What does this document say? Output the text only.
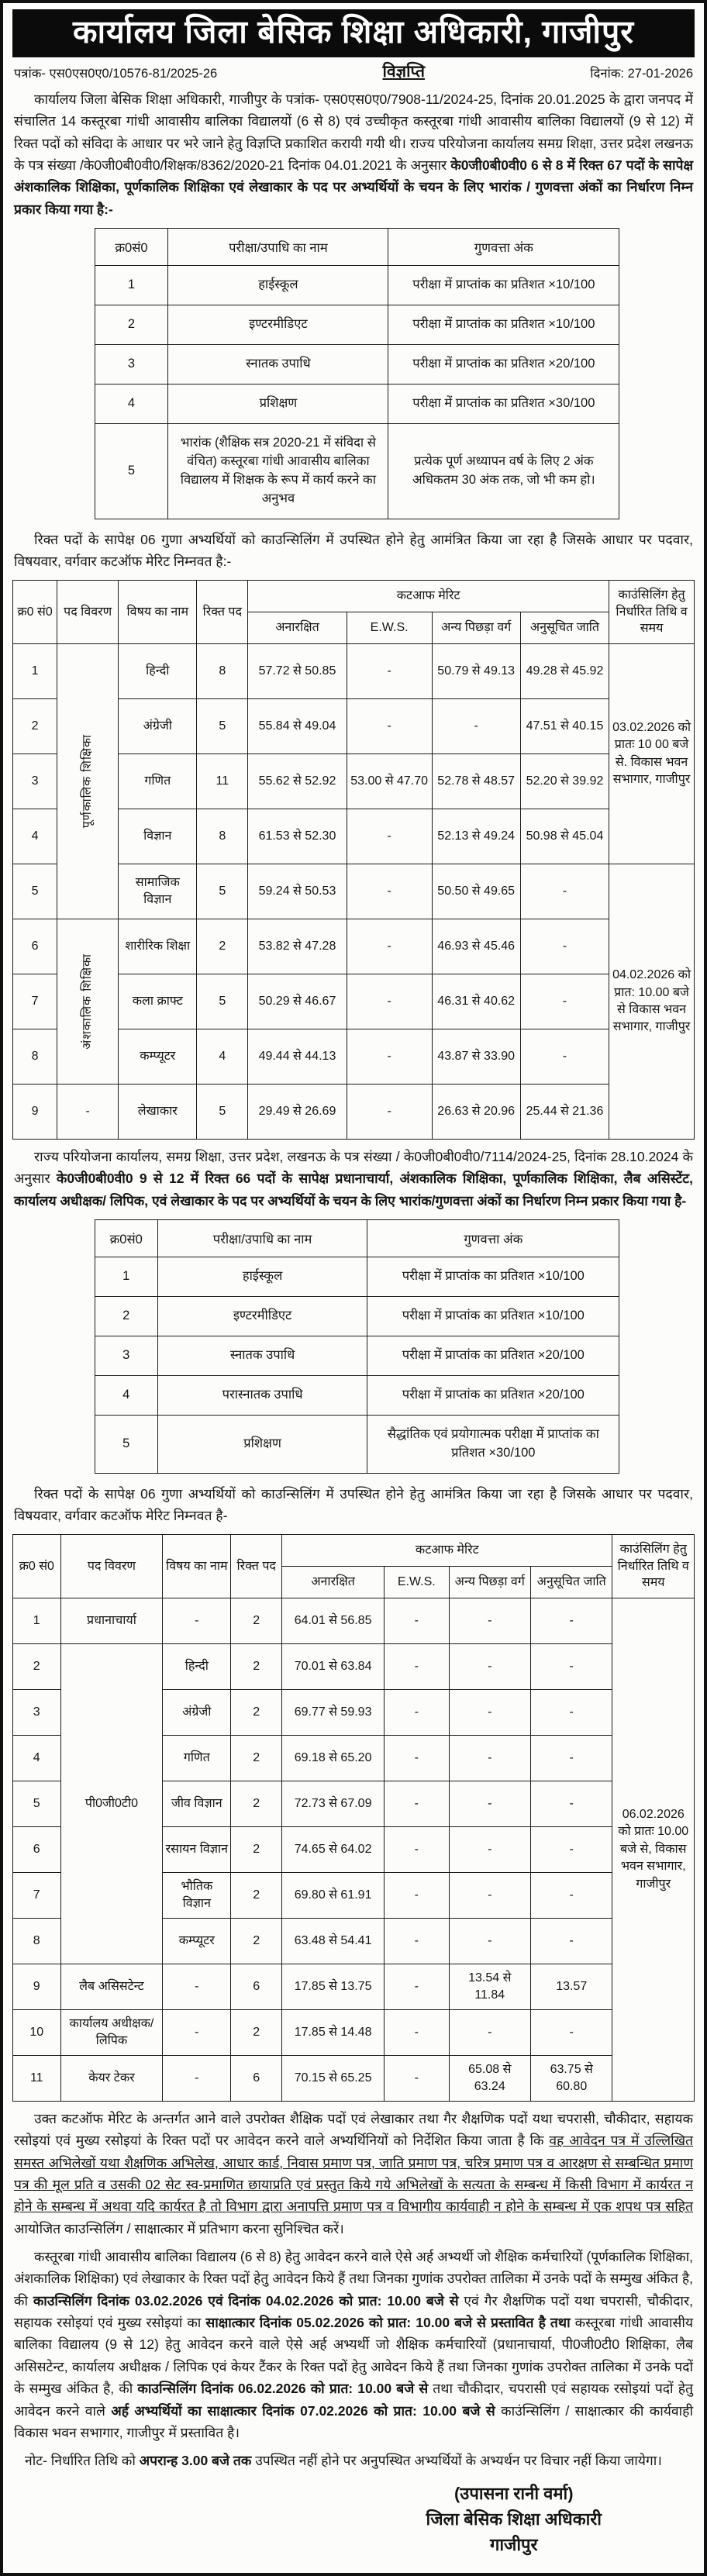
कार्यालय जिला बेसिक शिक्षा अधिकारी, गाजीपुर
पत्रांक- एस0एस0ए0/10576-81/2025-26	विज्ञप्ति	दिनांक: 27-01-2026

कार्यालय जिला बेसिक शिक्षा अधिकारी, गाजीपुर के पत्रांक- एस0एस0ए0/7908-11/2024-25, दिनांक 20.01.2025 के द्वारा जनपद में संचालित 14 कस्तूरबा गांधी आवासीय बालिका विद्यालयों (6 से 8) एवं उच्चीकृत कस्तूरबा गांधी आवासीय बालिका विद्यालयों (9 से 12) में रिक्त पदों को संविदा के आधार पर भरे जाने हेतु विज्ञप्ति प्रकाशित करायी गयी थी। राज्य परियोजना कार्यालय समग्र शिक्षा, उत्तर प्रदेश लखनऊ के पत्र संख्या /के0जी0बी0वी0/शिक्षक/8362/2020-21 दिनांक 04.01.2021 के अनुसार के0जी0बी0वी0 6 से 8 में रिक्त 67 पदों के सापेक्ष अंशकालिक शिक्षिका, पूर्णकालिक शिक्षिका एवं लेखाकार के पद पर अभ्यर्थियों के चयन के लिए भारांक / गुणवत्ता अंकों का निर्धारण निम्न प्रकार किया गया है:-

क्र0सं0	परीक्षा/उपाधि का नाम	गुणवत्ता अंक
1	हाईस्कूल	परीक्षा में प्राप्तांक का प्रतिशत ×10/100
2	इण्टरमीडिएट	परीक्षा में प्राप्तांक का प्रतिशत ×10/100
3	स्नातक उपाधि	परीक्षा में प्राप्तांक का प्रतिशत ×20/100
4	प्रशिक्षण	परीक्षा में प्राप्तांक का प्रतिशत ×30/100
5	भारांक (शैक्षिक सत्र 2020-21 में संविदा से वंचित) कस्तूरबा गांधी आवासीय बालिका विद्यालय में शिक्षक के रूप में कार्य करने का अनुभव	प्रत्येक पूर्ण अध्यापन वर्ष के लिए 2 अंक अधिकतम 30 अंक तक, जो भी कम हो।

रिक्त पदों के सापेक्ष 06 गुणा अभ्यर्थियों को काउन्सिलिंग में उपस्थित होने हेतु आमंत्रित किया जा रहा है जिसके आधार पर पदवार, विषयवार, वर्गवार कटऑफ मेरिट निम्नवत है:-

क्र0 सं0	पद विवरण	विषय का नाम	रिक्त पद	कटआफ मेरिट				काउंसिलिंग हेतु निर्धारित तिथि व समय
				अनारक्षित	E.W.S.	अन्य पिछड़ा वर्ग	अनुसूचित जाति	
1	पूर्णकालिक शिक्षिका	हिन्दी	8	57.72 से 50.85	-	50.79 से 49.13	49.28 से 45.92	03.02.2026 को प्रातः 10 00 बजे से. विकास भवन सभागार, गाजीपुर
2		अंग्रेजी	5	55.84 से 49.04	-	-	47.51 से 40.15	
3		गणित	11	55.62 से 52.92	53.00 से 47.70	52.78 से 48.57	52.20 से 39.92	
4		विज्ञान	8	61.53 से 52.30	-	52.13 से 49.24	50.98 से 45.04	
5		सामाजिक विज्ञान	5	59.24 से 50.53	-	50.50 से 49.65	-	04.02.2026 को प्रात: 10.00 बजे से विकास भवन सभागार, गाजीपुर
6	अंशकालिक शिक्षिका	शारीरिक शिक्षा	2	53.82 से 47.28	-	46.93 से 45.46	-	
7		कला क्राफ्ट	5	50.29 से 46.67	-	46.31 से 40.62	-	
8		कम्प्यूटर	4	49.44 से 44.13	-	43.87 से 33.90	-	
9	-	लेखाकार	5	29.49 से 26.69	-	26.63 से 20.96	25.44 से 21.36	

राज्य परियोजना कार्यालय, समग्र शिक्षा, उत्तर प्रदेश, लखनऊ के पत्र संख्या / के0जी0बी0वी0/7114/2024-25, दिनांक 28.10.2024 के अनुसार के0जी0बी0वी0 9 से 12 में रिक्त 66 पदों के सापेक्ष प्रधानाचार्या, अंशकालिक शिक्षिका, पूर्णकालिक शिक्षिका, लैब असिस्टेंट, कार्यालय अधीक्षक/ लिपिक, एवं लेखाकार के पद पर अभ्यर्थियों के चयन के लिए भारांक/गुणवत्ता अंकों का निर्धारण निम्न प्रकार किया गया है-

क्र0सं0	परीक्षा/उपाधि का नाम	गुणवत्ता अंक
1	हाईस्कूल	परीक्षा में प्राप्तांक का प्रतिशत ×10/100
2	इण्टरमीडिएट	परीक्षा में प्राप्तांक का प्रतिशत ×10/100
3	स्नातक उपाधि	परीक्षा में प्राप्तांक का प्रतिशत ×20/100
4	परास्नातक उपाधि	परीक्षा में प्राप्तांक का प्रतिशत ×20/100
5	प्रशिक्षण	सैद्धांतिक एवं प्रयोगात्मक परीक्षा में प्राप्तांक का प्रतिशत ×30/100

रिक्त पदों के सापेक्ष 06 गुणा अभ्यर्थियों को काउन्सिलिंग में उपस्थित होने हेतु आमंत्रित किया जा रहा है जिसके आधार पर पदवार, विषयवार, वर्गवार कटऑफ मेरिट निम्नवत है-

क्र0 सं0	पद विवरण	विषय का नाम	रिक्त पद	कटआफ मेरिट				काउंसिलिंग हेतु निर्धारित तिथि व समय
				अनारक्षित	E.W.S.	अन्य पिछड़ा वर्ग	अनुसूचित जाति	
1	प्रधानाचार्या	-	2	64.01 से 56.85	-	-	-	06.02.2026 को प्रातः 10.00 बजे से, विकास भवन सभागार, गाजीपुर
2	पी0जी0टी0	हिन्दी	2	70.01 से 63.84	-	-	-	
3		अंग्रेजी	2	69.77 से 59.93	-	-	-	
4		गणित	2	69.18 से 65.20	-	-	-	
5		जीव विज्ञान	2	72.73 से 67.09	-	-	-	
6		रसायन विज्ञान	2	74.65 से 64.02	-	-	-	
7		भौतिक विज्ञान	2	69.80 से 61.91	-	-	-	
8		कम्प्यूटर	2	63.48 से 54.41	-	-	-	
9	लैब असिसटेन्ट	-	6	17.85 से 13.75	-	13.54 से 11.84	13.57	
10	कार्यालय अधीक्षक/ लिपिक	-	2	17.85 से 14.48	-	-	-	
11	केयर टेकर	-	6	70.15 से 65.25	-	65.08 से 63.24	63.75 से 60.80	

उक्त कटऑफ मेरिट के अन्तर्गत आने वाले उपरोक्त शैक्षिक पदों एवं लेखाकार तथा गैर शैक्षणिक पदों यथा चपरासी, चौकीदार, सहायक रसोइयां एवं मुख्य रसोइयां के रिक्त पदों पर आवेदन करने वाले अभ्यर्थिनियों को निर्देशित किया जाता है कि वह आवेदन पत्र में उल्लिखित समस्त अभिलेखों यथा शैक्षणिक अभिलेख, आधार कार्ड, निवास प्रमाण पत्र, जाति प्रमाण पत्र, चरित्र प्रमाण पत्र व आरक्षण से सम्बन्धित प्रमाण पत्र की मूल प्रति व उसकी 02 सेट स्व-प्रमाणित छायाप्रति एवं प्रस्तुत किये गये अभिलेखों के सत्यता के सम्बन्ध में किसी विभाग में कार्यरत न होने के सम्बन्ध में अथवा यदि कार्यरत है तो विभाग द्वारा अनापत्ति प्रमाण पत्र व विभागीय कार्यवाही न होने के सम्बन्ध में एक शपथ पत्र सहित आयोजित काउन्सिलिंग / साक्षात्कार में प्रतिभाग करना सुनिश्चित करें।

कस्तूरबा गांधी आवासीय बालिका विद्यालय (6 से 8) हेतु आवेदन करने वाले ऐसे अर्ह अभ्यर्थी जो शैक्षिक कर्मचारियों (पूर्णकालिक शिक्षिका, अंशकालिक शिक्षिका) एवं लेखाकार के रिक्त पदों हेतु आवेदन किये हैं तथा जिनका गुणांक उपरोक्त तालिका में उनके पदों के सम्मुख अंकित है, की काउन्सिलिंग दिनांक 03.02.2026 एवं दिनांक 04.02.2026 को प्रात: 10.00 बजे से एवं गैर शैक्षणिक पदों यथा चपरासी, चौकीदार, सहायक रसोइयां एवं मुख्य रसोइयां का साक्षात्कार दिनांक 05.02.2026 को प्रात: 10.00 बजे से प्रस्तावित है तथा कस्तूरबा गांधी आवासीय बालिका विद्यालय (9 से 12) हेतु आवेदन करने वाले ऐसे अर्ह अभ्यर्थी जो शैक्षिक कर्मचारियों (प्रधानाचार्या, पी0जी0टी0 शिक्षिका, लैब असिसटेन्ट, कार्यालय अधीक्षक / लिपिक एवं केयर टैंकर के रिक्त पदों हेतु आवेदन किये हैं तथा जिनका गुणांक उपरोक्त तालिका में उनके पदों के सम्मुख अंकित है, की काउन्सिलिंग दिनांक 06.02.2026 को प्रात: 10.00 बजे से तथा चौकीदार, चपरासी एवं सहायक रसोइयां पदों हेतु आवेदन करने वाले अर्ह अभ्यर्थियों का साक्षात्कार दिनांक 07.02.2026 को प्रात: 10.00 बजे से काउंन्सिलिंग / साक्षात्कार की कार्यवाही विकास भवन सभागार, गाजीपुर में प्रस्तावित है।

नोट- निर्धारित तिथि को अपरान्ह 3.00 बजे तक उपस्थित नहीं होने पर अनुपस्थित अभ्यर्थियों के अभ्यर्थन पर विचार नहीं किया जायेगा।

(उपासना रानी वर्मा)
जिला बेसिक शिक्षा अधिकारी
गाजीपुर
